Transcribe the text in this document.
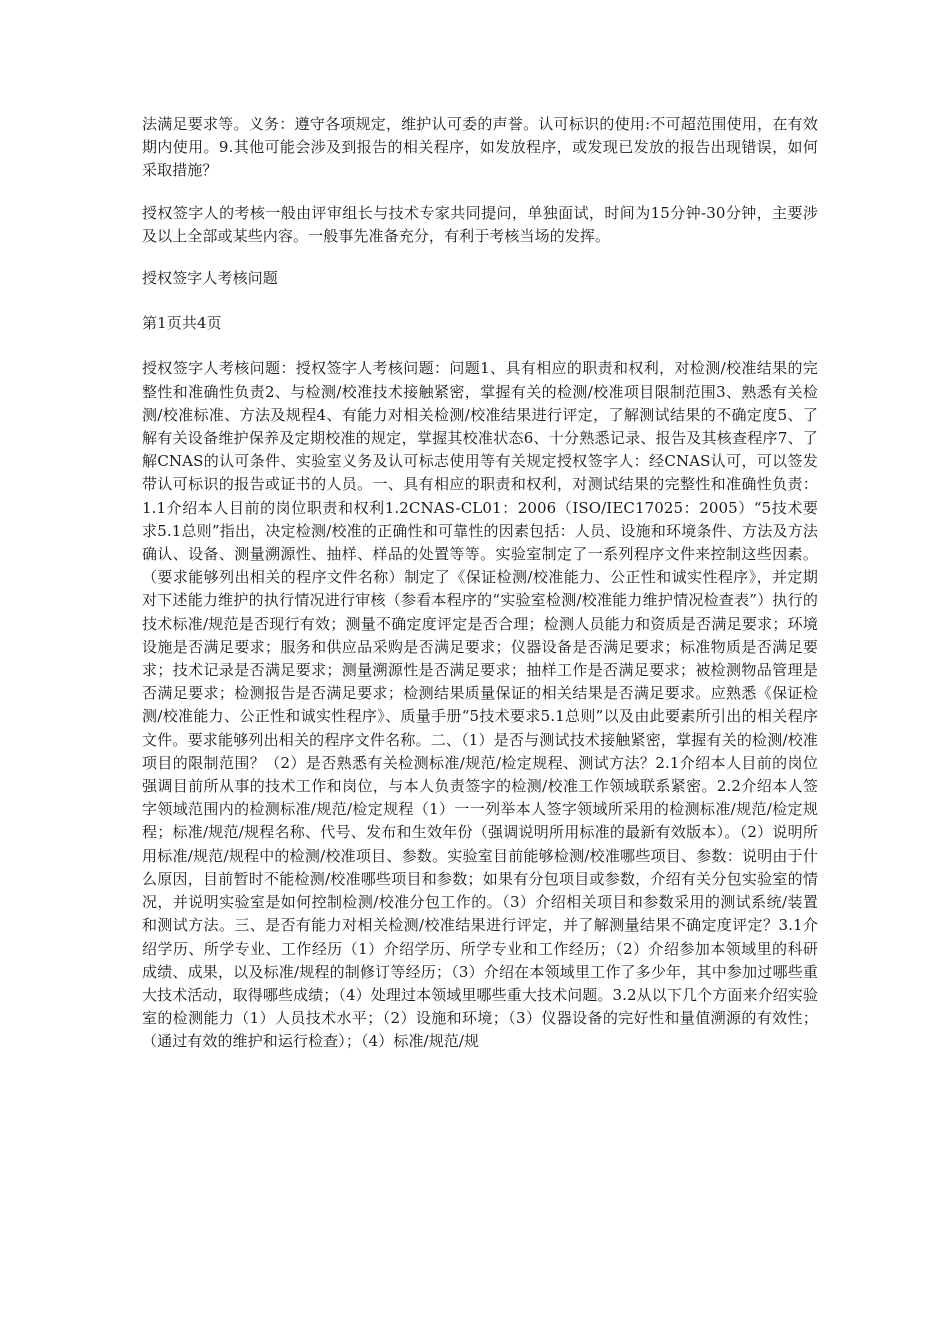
法满足要求等。义务：遵守各项规定，维护认可委的声誉。认可标识的使用:不可超范围使用，在有效期内使用。9.其他可能会涉及到报告的相关程序，如发放程序，或发现已发放的报告出现错误，如何采取措施？

授权签字人的考核一般由评审组长与技术专家共同提问，单独面试，时间为15分钟-30分钟，主要涉及以上全部或某些内容。一般事先准备充分，有利于考核当场的发挥。

授权签字人考核问题

第1页共4页

授权签字人考核问题：授权签字人考核问题：问题1、具有相应的职责和权利，对检测/校准结果的完整性和准确性负责2、与检测/校准技术接触紧密，掌握有关的检测/校准项目限制范围3、熟悉有关检测/校准标准、方法及规程4、有能力对相关检测/校准结果进行评定，了解测试结果的不确定度5、了解有关设备维护保养及定期校准的规定，掌握其校准状态6、十分熟悉记录、报告及其核查程序7、了解CNAS的认可条件、实验室义务及认可标志使用等有关规定授权签字人：经CNAS认可，可以签发带认可标识的报告或证书的人员。一、具有相应的职责和权利，对测试结果的完整性和准确性负责：1.1介绍本人目前的岗位职责和权利1.2CNAS-CL01：2006（ISO/IEC17025：2005）“5技术要求5.1总则”指出，决定检测/校准的正确性和可靠性的因素包括：人员、设施和环境条件、方法及方法确认、设备、测量溯源性、抽样、样品的处置等等。实验室制定了一系列程序文件来控制这些因素。（要求能够列出相关的程序文件名称）制定了《保证检测/校准能力、公正性和诚实性程序》，并定期对下述能力维护的执行情况进行审核（参看本程序的“实验室检测/校准能力维护情况检查表”）执行的技术标准/规范是否现行有效；测量不确定度评定是否合理；检测人员能力和资质是否满足要求；环境设施是否满足要求；服务和供应品采购是否满足要求；仪器设备是否满足要求；标准物质是否满足要求；技术记录是否满足要求；测量溯源性是否满足要求；抽样工作是否满足要求；被检测物品管理是否满足要求；检测报告是否满足要求；检测结果质量保证的相关结果是否满足要求。应熟悉《保证检测/校准能力、公正性和诚实性程序》、质量手册“5技术要求5.1总则”以及由此要素所引出的相关程序文件。要求能够列出相关的程序文件名称。二、（1）是否与测试技术接触紧密，掌握有关的检测/校准项目的限制范围？（2）是否熟悉有关检测标准/规范/检定规程、测试方法？2.1介绍本人目前的岗位强调目前所从事的技术工作和岗位，与本人负责签字的检测/校准工作领域联系紧密。2.2介绍本人签字领域范围内的检测标准/规范/检定规程（1）一一列举本人签字领域所采用的检测标准/规范/检定规程；标准/规范/规程名称、代号、发布和生效年份（强调说明所用标准的最新有效版本）。（2）说明所用标准/规范/规程中的检测/校准项目、参数。实验室目前能够检测/校准哪些项目、参数：说明由于什么原因，目前暂时不能检测/校准哪些项目和参数；如果有分包项目或参数，介绍有关分包实验室的情况，并说明实验室是如何控制检测/校准分包工作的。（3）介绍相关项目和参数采用的测试系统/装置和测试方法。三、是否有能力对相关检测/校准结果进行评定，并了解测量结果不确定度评定？3.1介绍学历、所学专业、工作经历（1）介绍学历、所学专业和工作经历；（2）介绍参加本领域里的科研成绩、成果，以及标准/规程的制修订等经历；（3）介绍在本领域里工作了多少年，其中参加过哪些重大技术活动，取得哪些成绩；（4）处理过本领域里哪些重大技术问题。3.2从以下几个方面来介绍实验室的检测能力（1）人员技术水平；（2）设施和环境；（3）仪器设备的完好性和量值溯源的有效性；（通过有效的维护和运行检查）；（4）标准/规范/规
